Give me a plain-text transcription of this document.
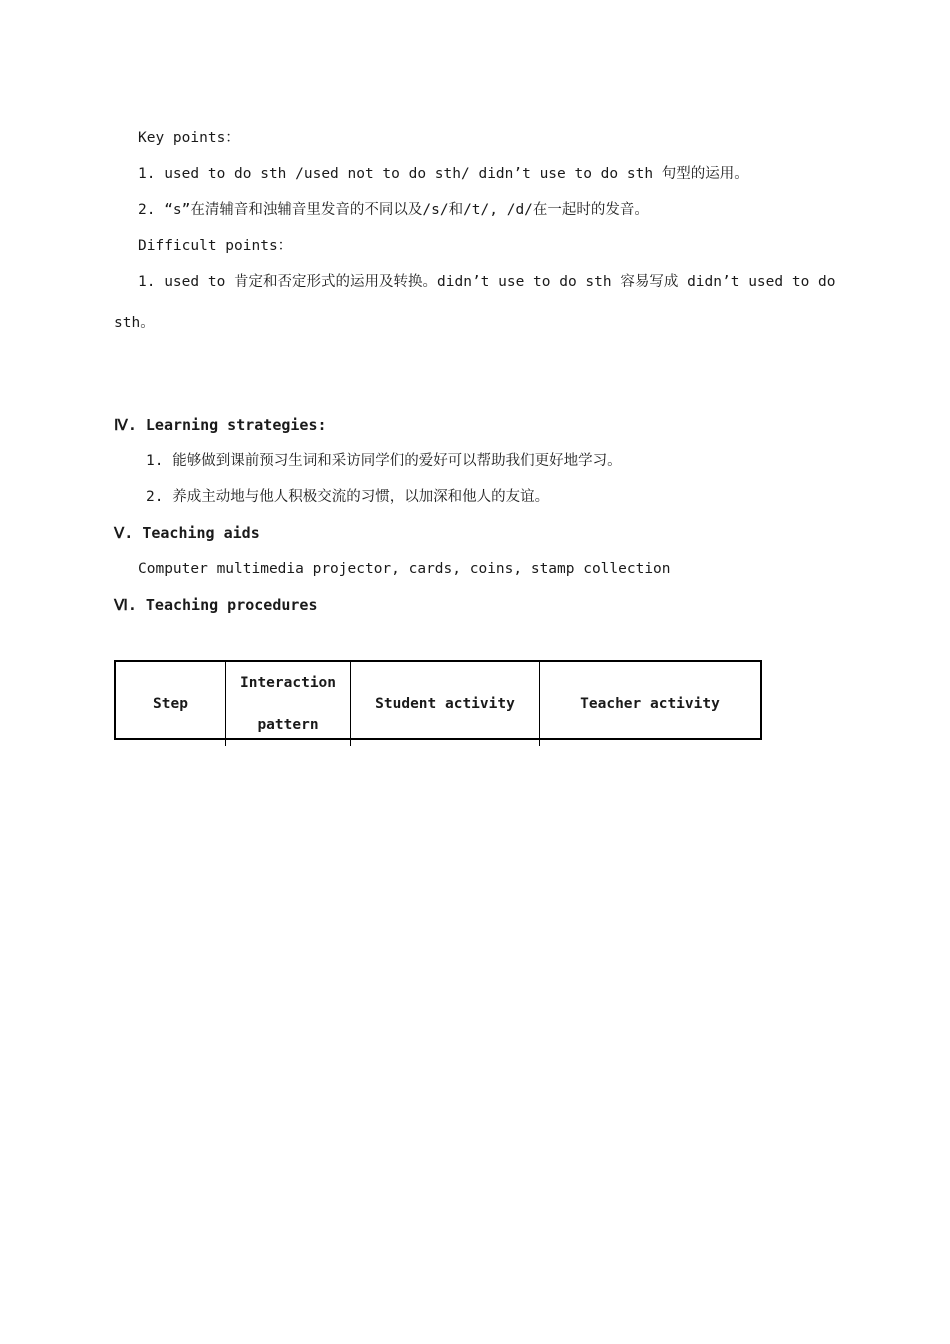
Key points：
1. used to do sth /used not to do sth/ didn’t use to do sth 句型的运用。
2. “s”在清辅音和浊辅音里发音的不同以及/s/和/t/, /d/在一起时的发音。
Difficult points：
1. used to 肯定和否定形式的运用及转换。didn’t use to do sth 容易写成 didn’t used to do
sth。
Ⅳ. Learning strategies:
1. 能够做到课前预习生词和采访同学们的爱好可以帮助我们更好地学习。
2. 养成主动地与他人积极交流的习惯，以加深和他人的友谊。
Ⅴ. Teaching aids
Computer multimedia projector, cards, coins, stamp collection
Ⅵ. Teaching procedures
Step
Interaction
pattern
Student activity	Teacher activity
